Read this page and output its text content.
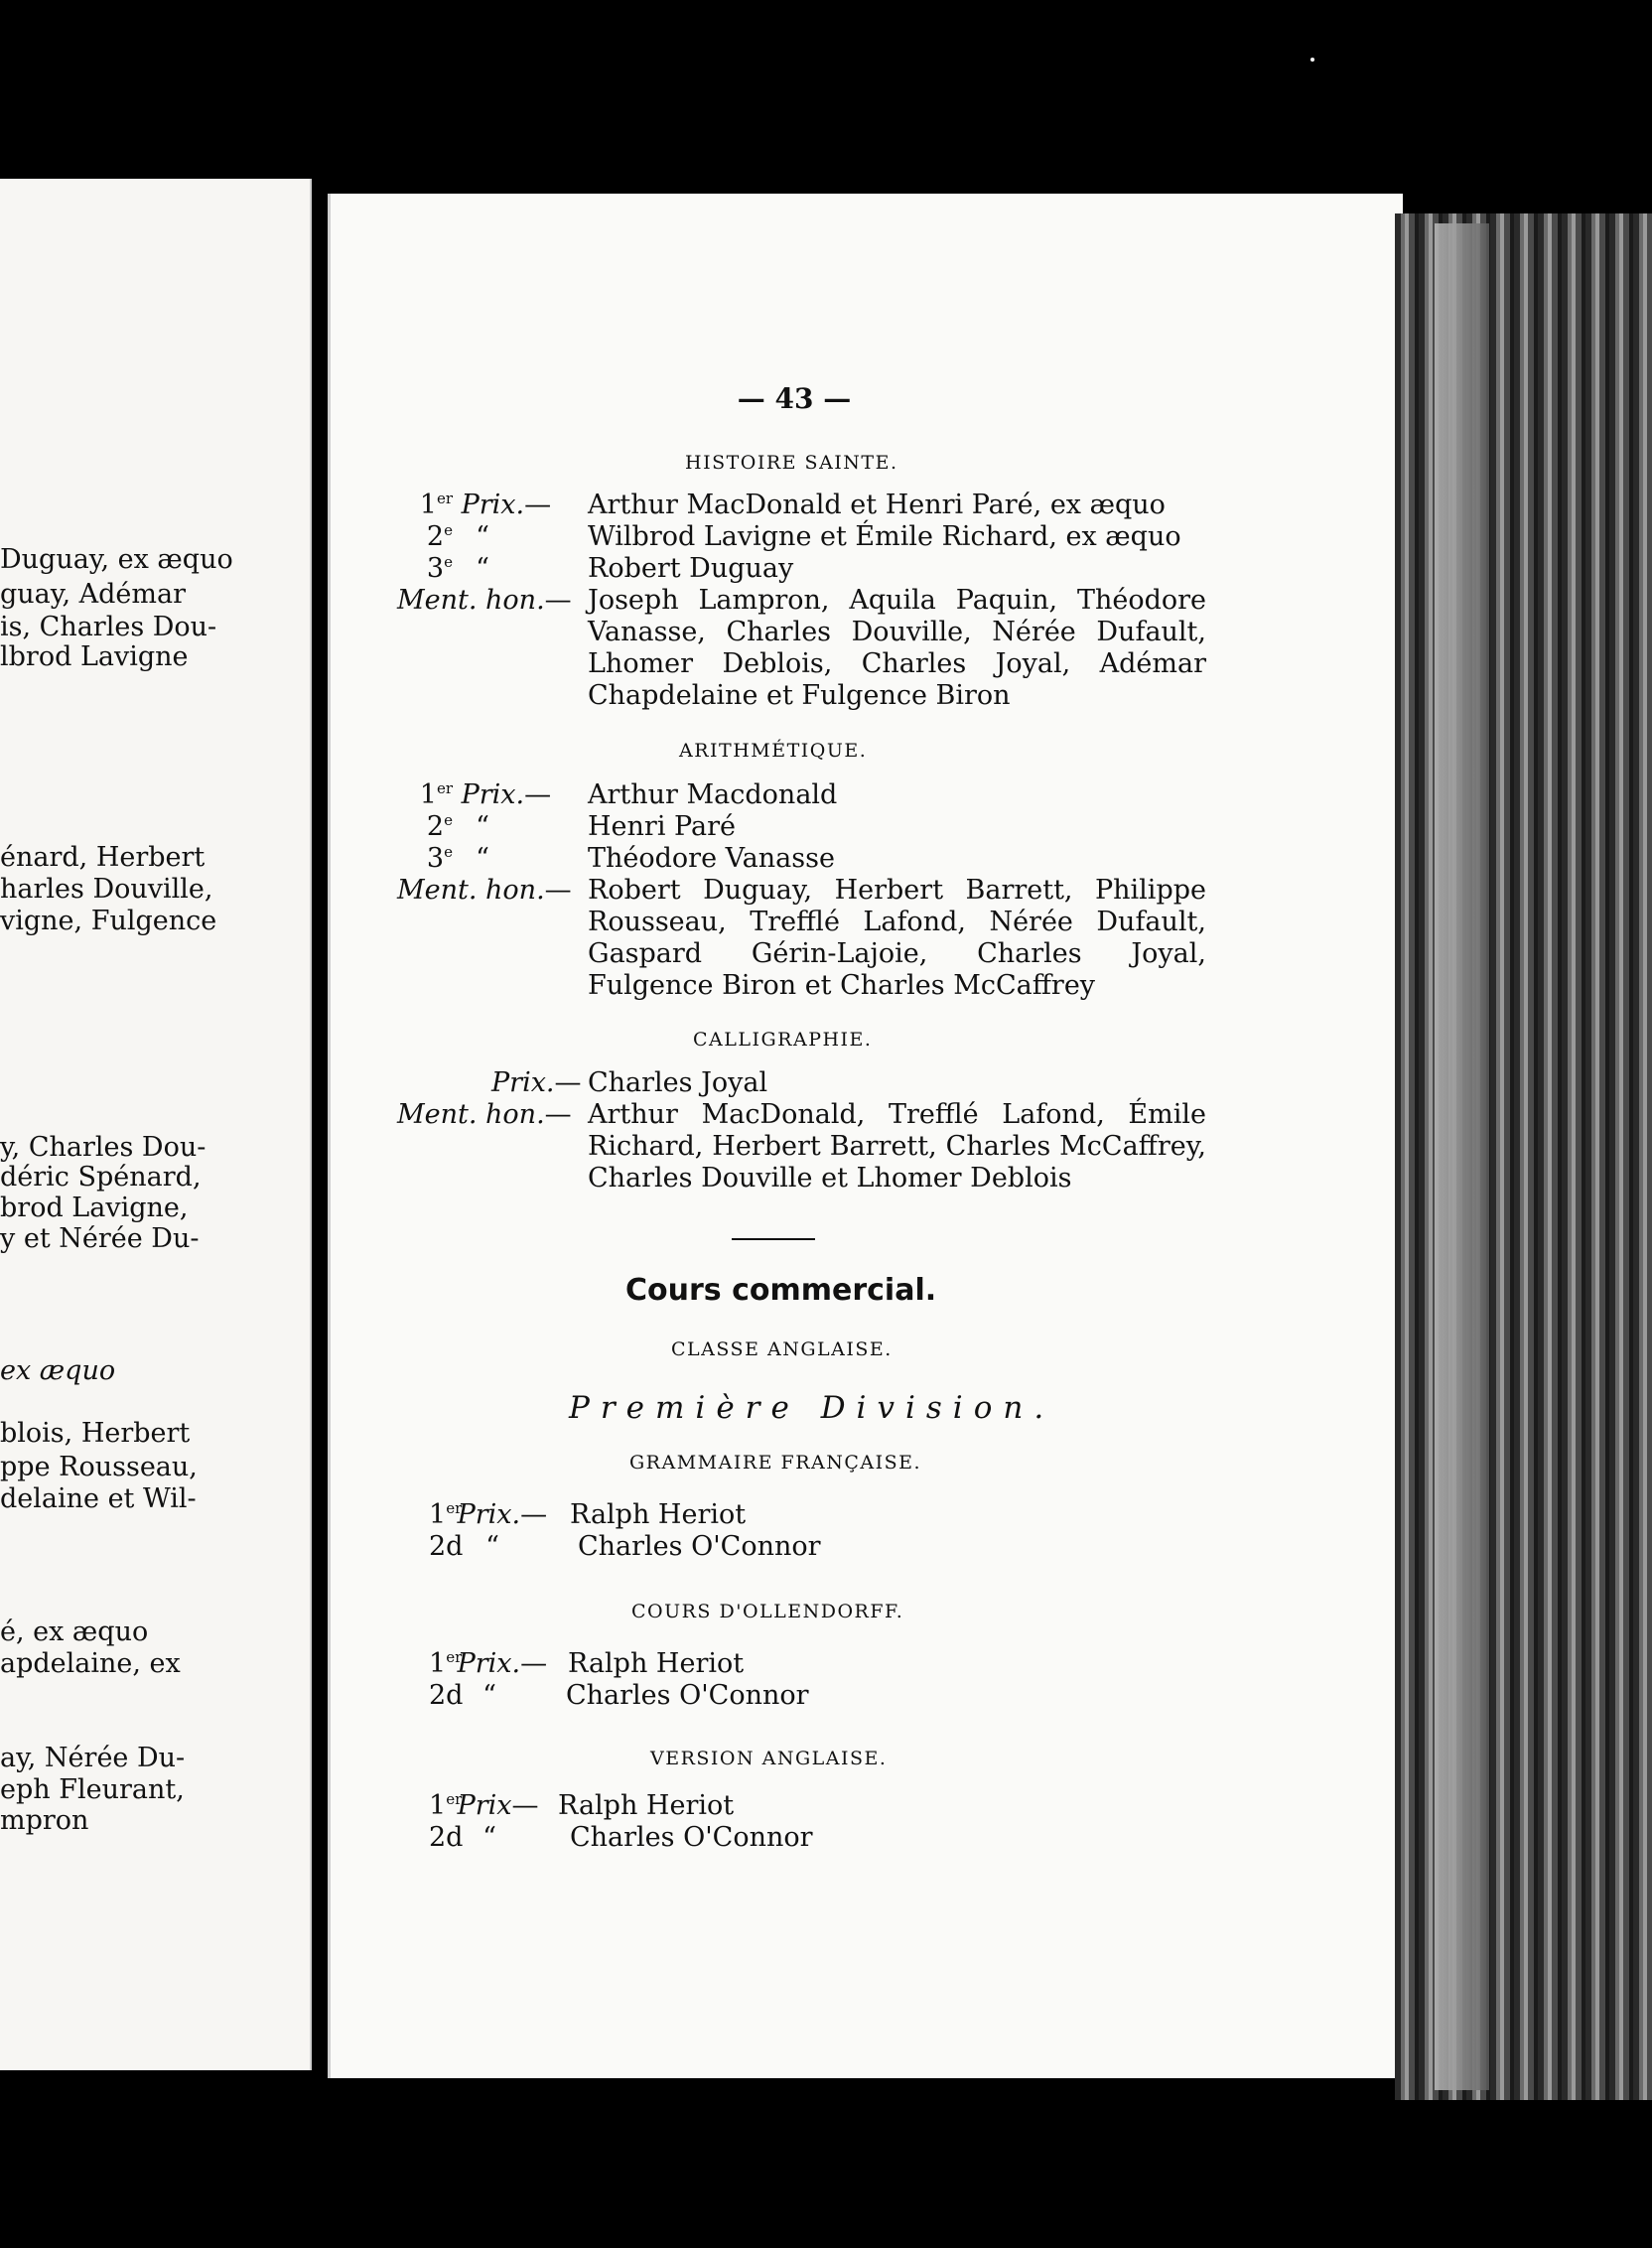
Duguay, ex æquo
guay, Adémar
is, Charles Dou-
lbrod Lavigne
énard, Herbert
harles Douville,
vigne, Fulgence
y, Charles Dou-
déric Spénard,
brod Lavigne,
y et Nérée Du-
ex æquo
blois, Herbert
ppe Rousseau,
delaine et Wil-
é, ex æquo
apdelaine, ex
ay, Nérée Du-
eph Fleurant,
mpron
— 43 —
HISTOIRE SAINTE.
1er Prix.—	Arthur MacDonald et Henri Paré, ex æquo
2e “	Wilbrod Lavigne et Émile Richard, ex æquo
3e “	Robert Duguay
Ment. hon.— Joseph Lampron, Aquila Paquin, Théodore Vanasse, Charles Douville, Nérée Dufault, Lhomer Deblois, Charles Joyal, Adémar Chapdelaine et Fulgence Biron
ARITHMÉTIQUE.
1er Prix.—	Arthur Macdonald
2e “	Henri Paré
3e “	Théodore Vanasse
Ment. hon.— Robert Duguay, Herbert Barrett, Philippe Rousseau, Trefflé Lafond, Nérée Dufault, Gaspard Gérin-Lajoie, Charles Joyal, Fulgence Biron et Charles McCaffrey
CALLIGRAPHIE.
Prix.— Charles Joyal
Ment. hon.— Arthur MacDonald, Trefflé Lafond, Émile Richard, Herbert Barrett, Charles McCaffrey, Charles Douville et Lhomer Deblois
Cours commercial.
CLASSE ANGLAISE.
Première Division.
GRAMMAIRE FRANÇAISE.
1er Prix.— Ralph Heriot
2d “	Charles O'Connor
COURS D'OLLENDORFF.
1er Prix.— Ralph Heriot
2d “	Charles O'Connor
VERSION ANGLAISE.
1er Prix— Ralph Heriot
2d “	Charles O'Connor
